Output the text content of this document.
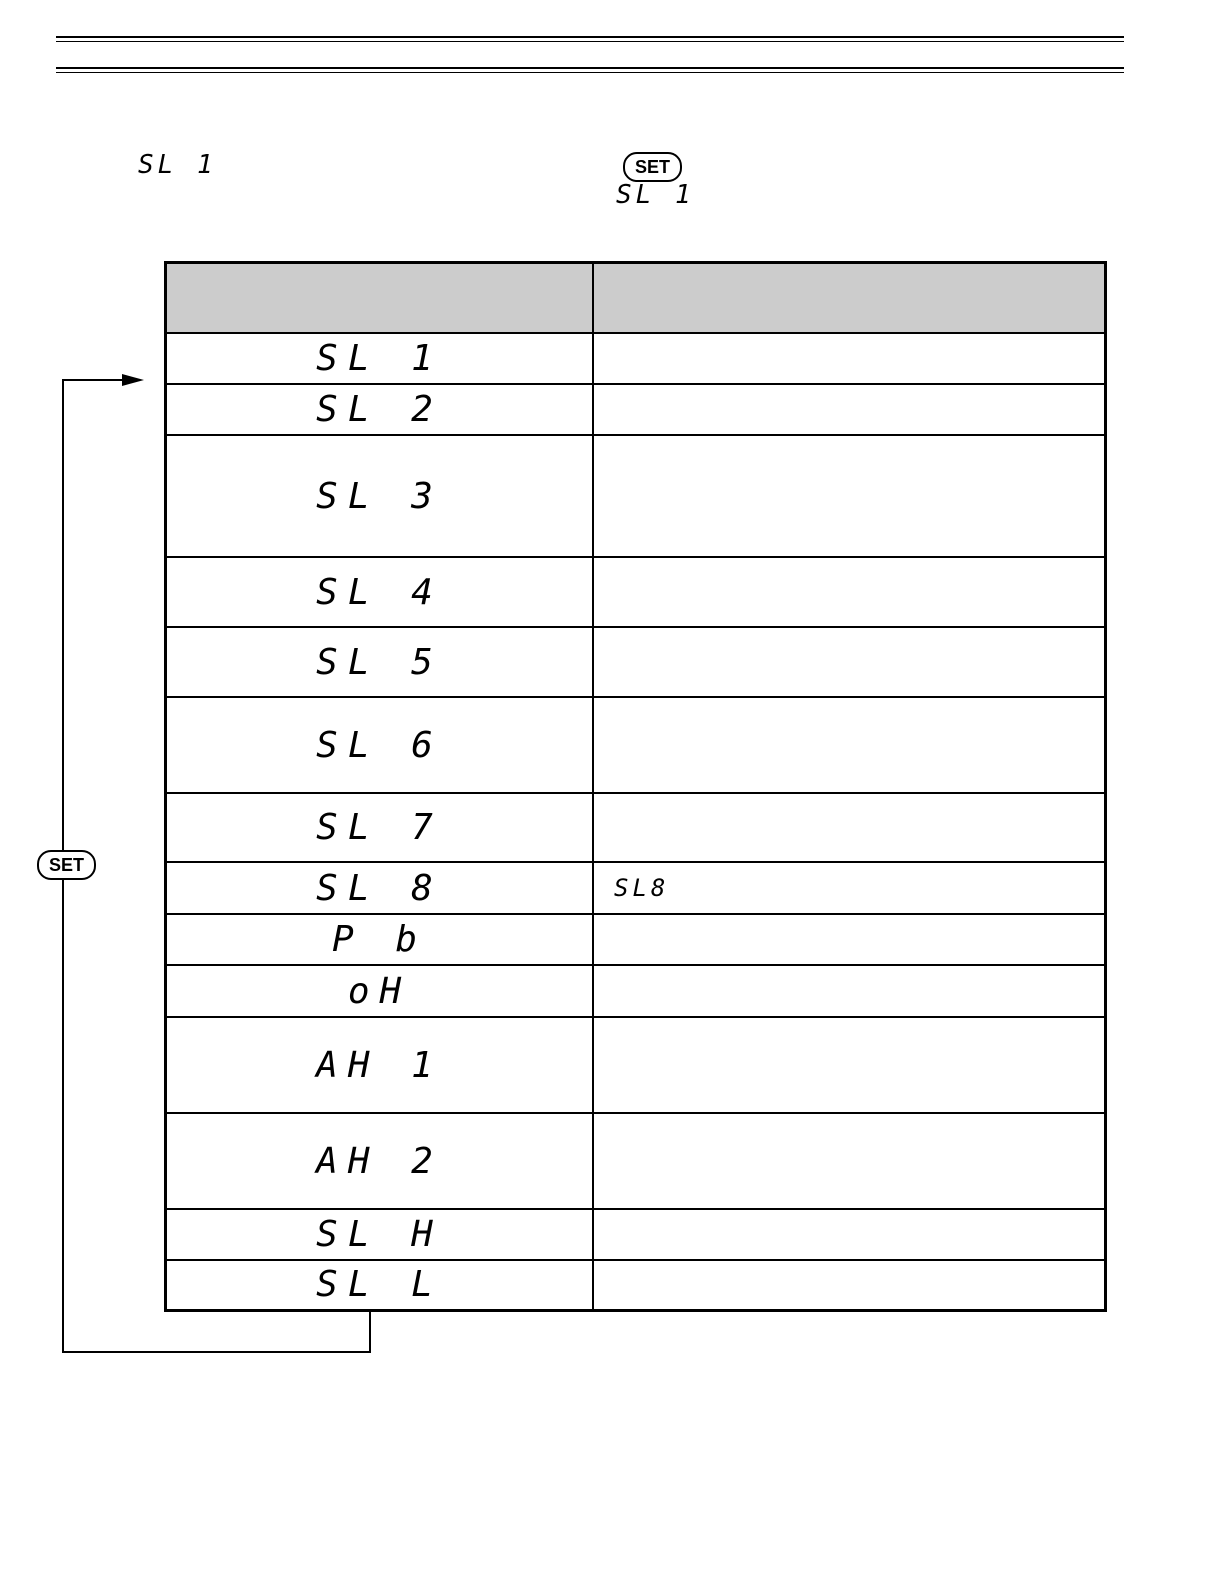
SL 1	SET
SL 1

SL 1	
SL 2	
SL 3	
SL 4	
SL 5	
SL 6	
SL 7	
SL 8	SL8
P b	
oH	
AH 1	
AH 2	
SL H	
SL L	
SET
